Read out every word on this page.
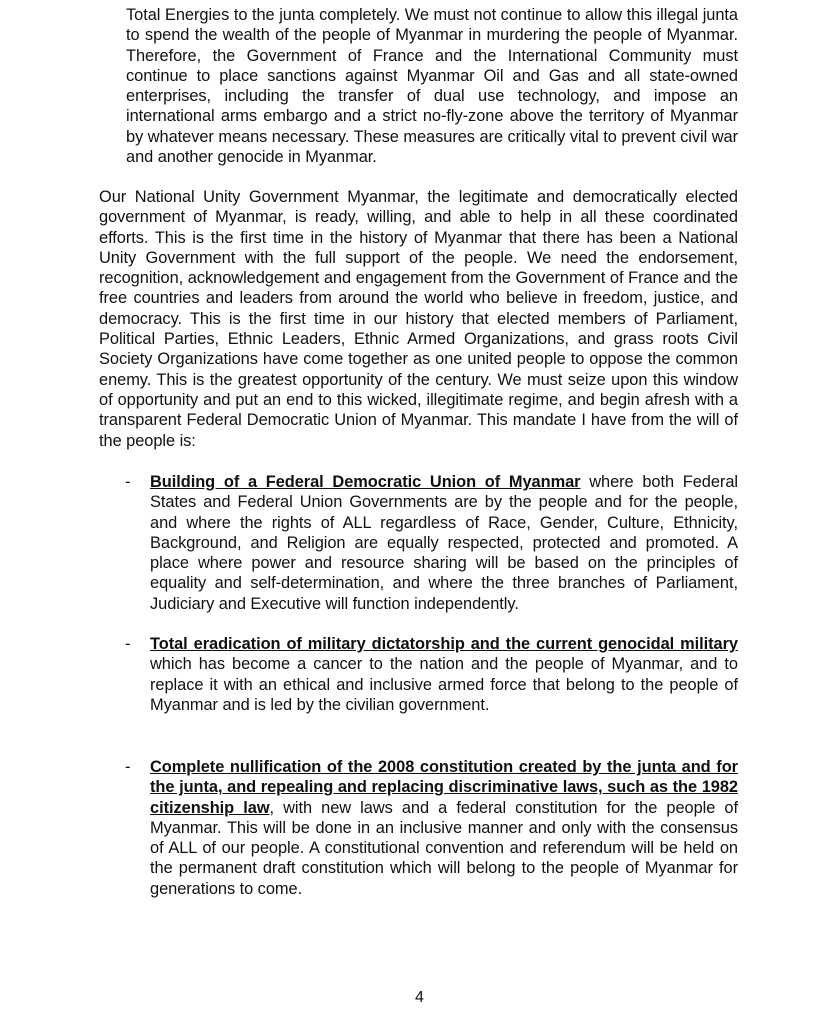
Total Energies to the junta completely. We must not continue to allow this illegal junta to spend the wealth of the people of Myanmar in murdering the people of Myanmar. Therefore, the Government of France and the International Community must continue to place sanctions against Myanmar Oil and Gas and all state-owned enterprises, including the transfer of dual use technology, and impose an international arms embargo and a strict no-fly-zone above the territory of Myanmar by whatever means necessary. These measures are critically vital to prevent civil war and another genocide in Myanmar.

Our National Unity Government Myanmar, the legitimate and democratically elected government of Myanmar, is ready, willing, and able to help in all these coordinated efforts. This is the first time in the history of Myanmar that there has been a National Unity Government with the full support of the people. We need the endorsement, recognition, acknowledgement and engagement from the Government of France and the free countries and leaders from around the world who believe in freedom, justice, and democracy. This is the first time in our history that elected members of Parliament, Political Parties, Ethnic Leaders, Ethnic Armed Organizations, and grass roots Civil Society Organizations have come together as one united people to oppose the common enemy. This is the greatest opportunity of the century. We must seize upon this window of opportunity and put an end to this wicked, illegitimate regime, and begin afresh with a transparent Federal Democratic Union of Myanmar. This mandate I have from the will of the people is:

- Building of a Federal Democratic Union of Myanmar where both Federal States and Federal Union Governments are by the people and for the people, and where the rights of ALL regardless of Race, Gender, Culture, Ethnicity, Background, and Religion are equally respected, protected and promoted. A place where power and resource sharing will be based on the principles of equality and self-determination, and where the three branches of Parliament, Judiciary and Executive will function independently.

- Total eradication of military dictatorship and the current genocidal military which has become a cancer to the nation and the people of Myanmar, and to replace it with an ethical and inclusive armed force that belong to the people of Myanmar and is led by the civilian government.

- Complete nullification of the 2008 constitution created by the junta and for the junta, and repealing and replacing discriminative laws, such as the 1982 citizenship law, with new laws and a federal constitution for the people of Myanmar. This will be done in an inclusive manner and only with the consensus of ALL of our people. A constitutional convention and referendum will be held on the permanent draft constitution which will belong to the people of Myanmar for generations to come.

4
